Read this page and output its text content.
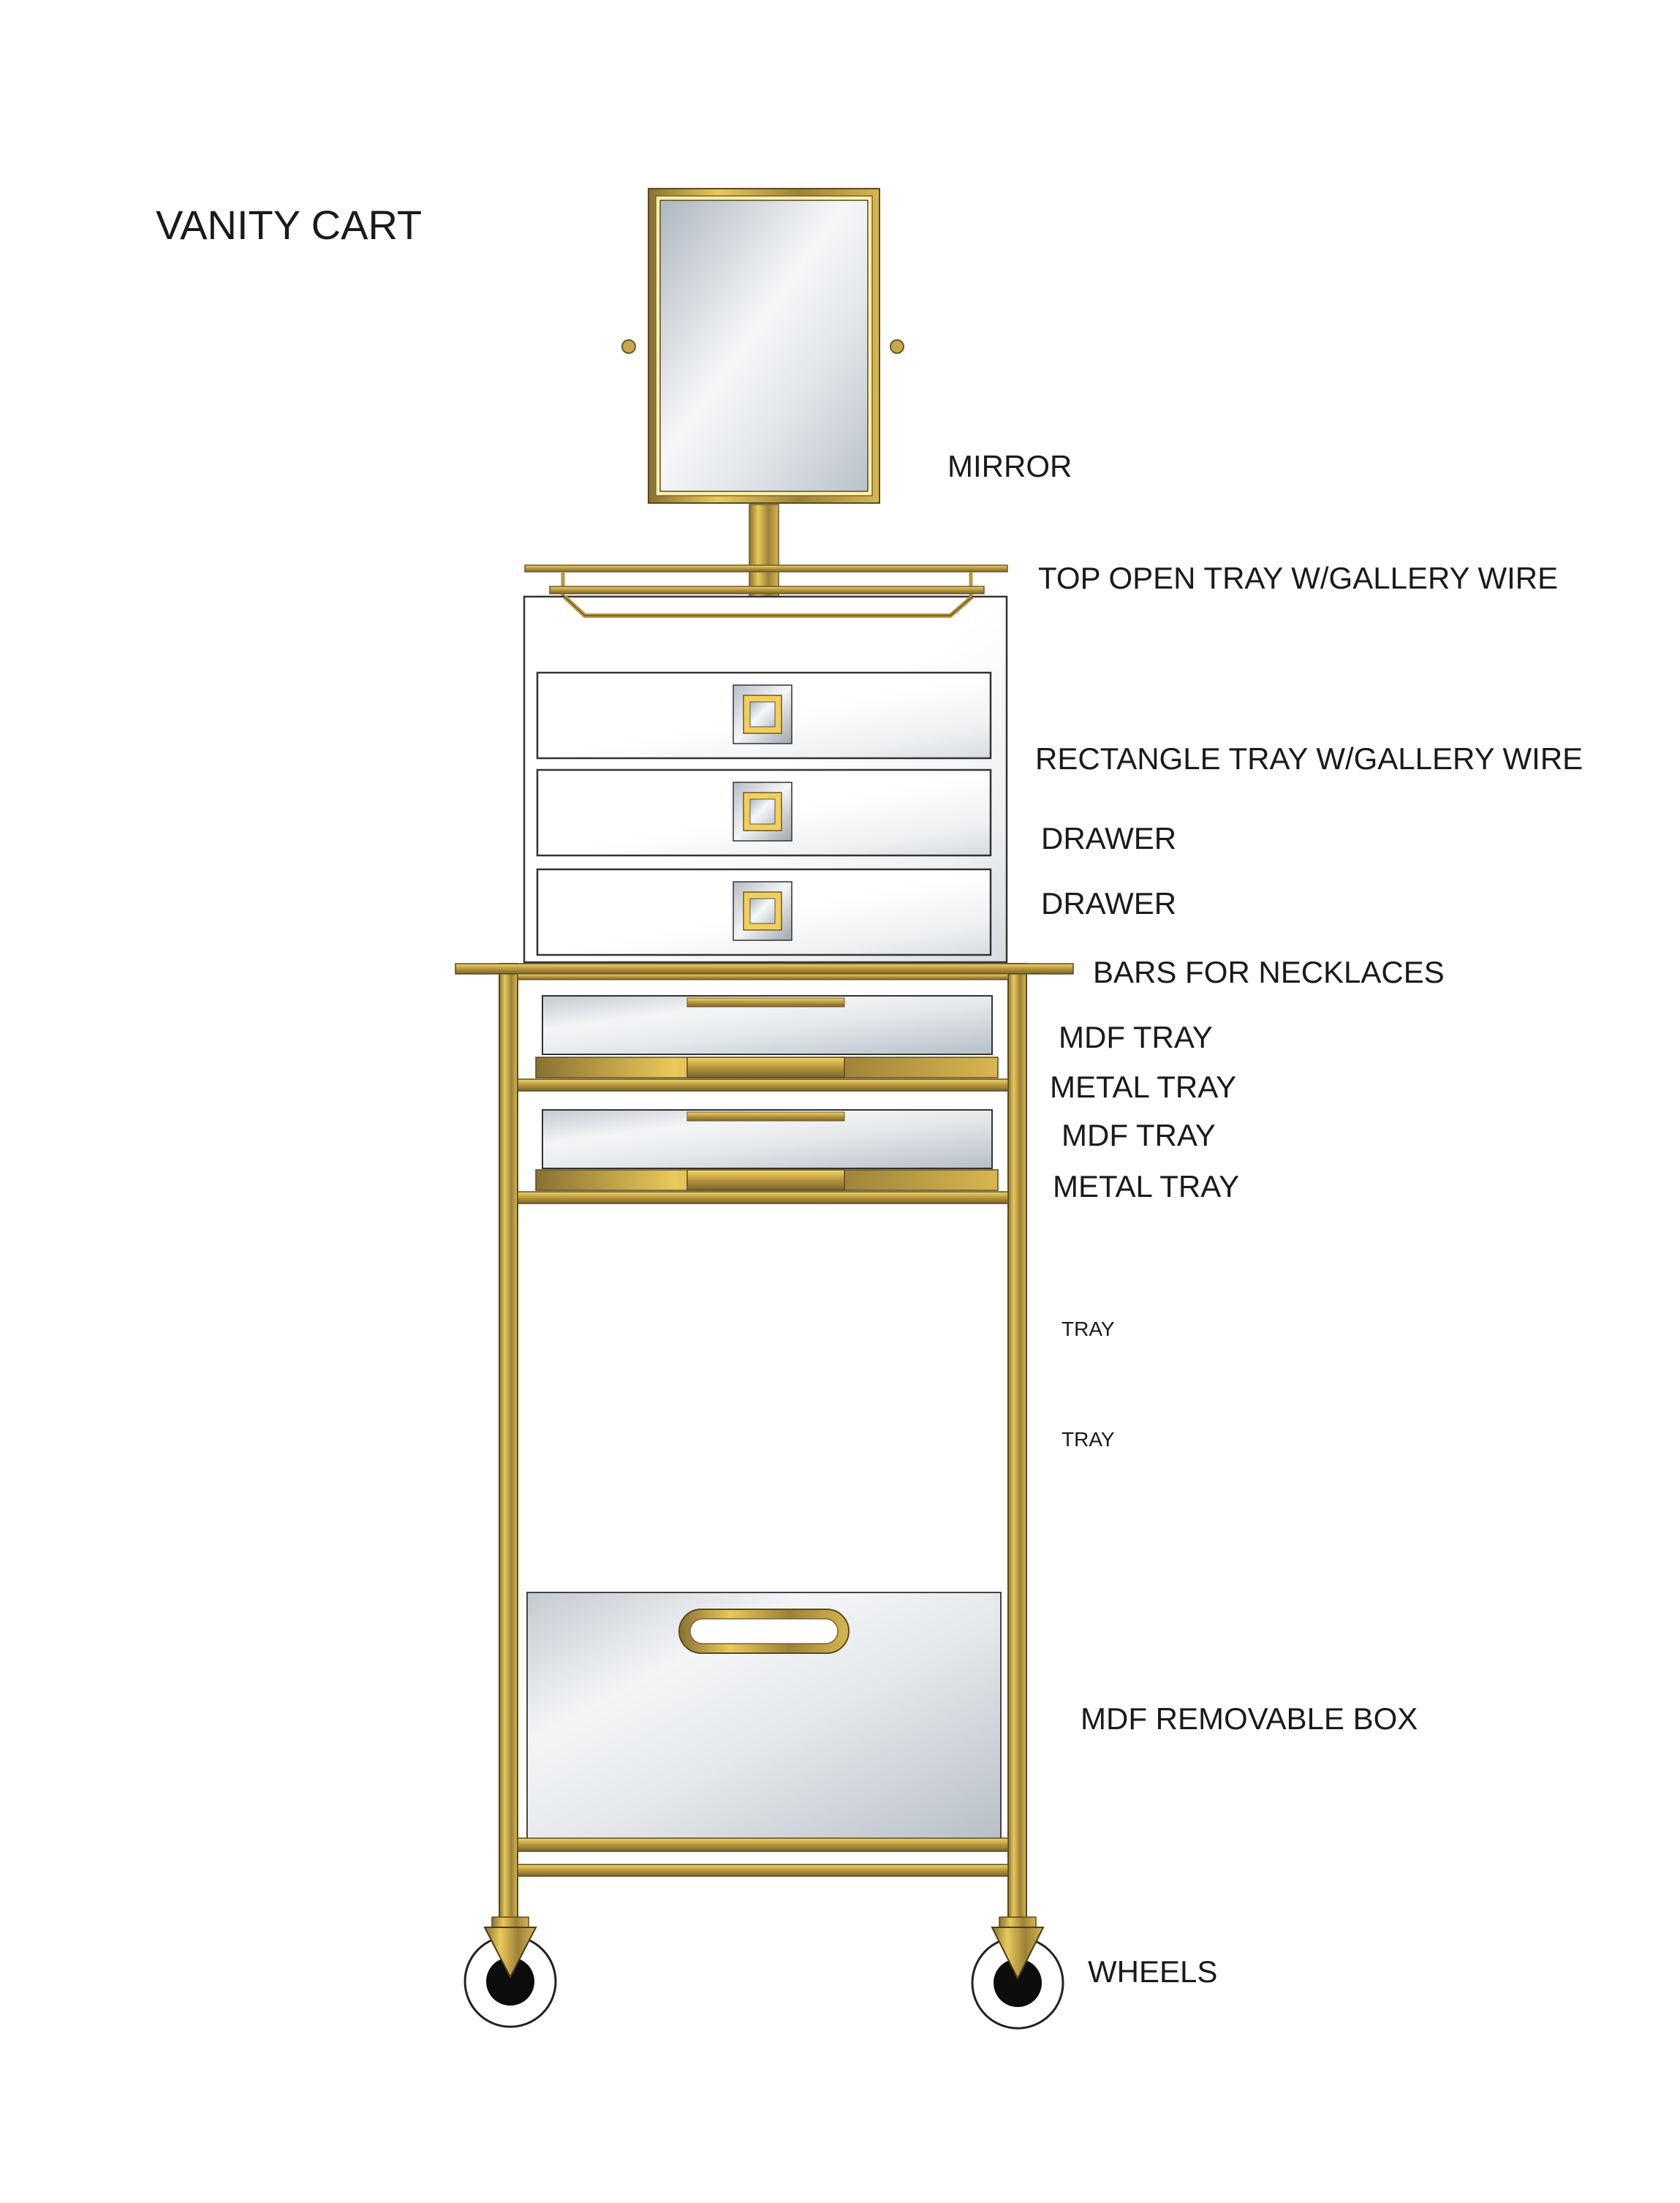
VANITY CART
MIRROR
TOP OPEN TRAY W/GALLERY WIRE
RECTANGLE TRAY W/GALLERY WIRE
DRAWER
DRAWER
BARS FOR NECKLACES
MDF TRAY
METAL TRAY
MDF TRAY
METAL TRAY
TRAY
TRAY
MDF REMOVABLE BOX
WHEELS
